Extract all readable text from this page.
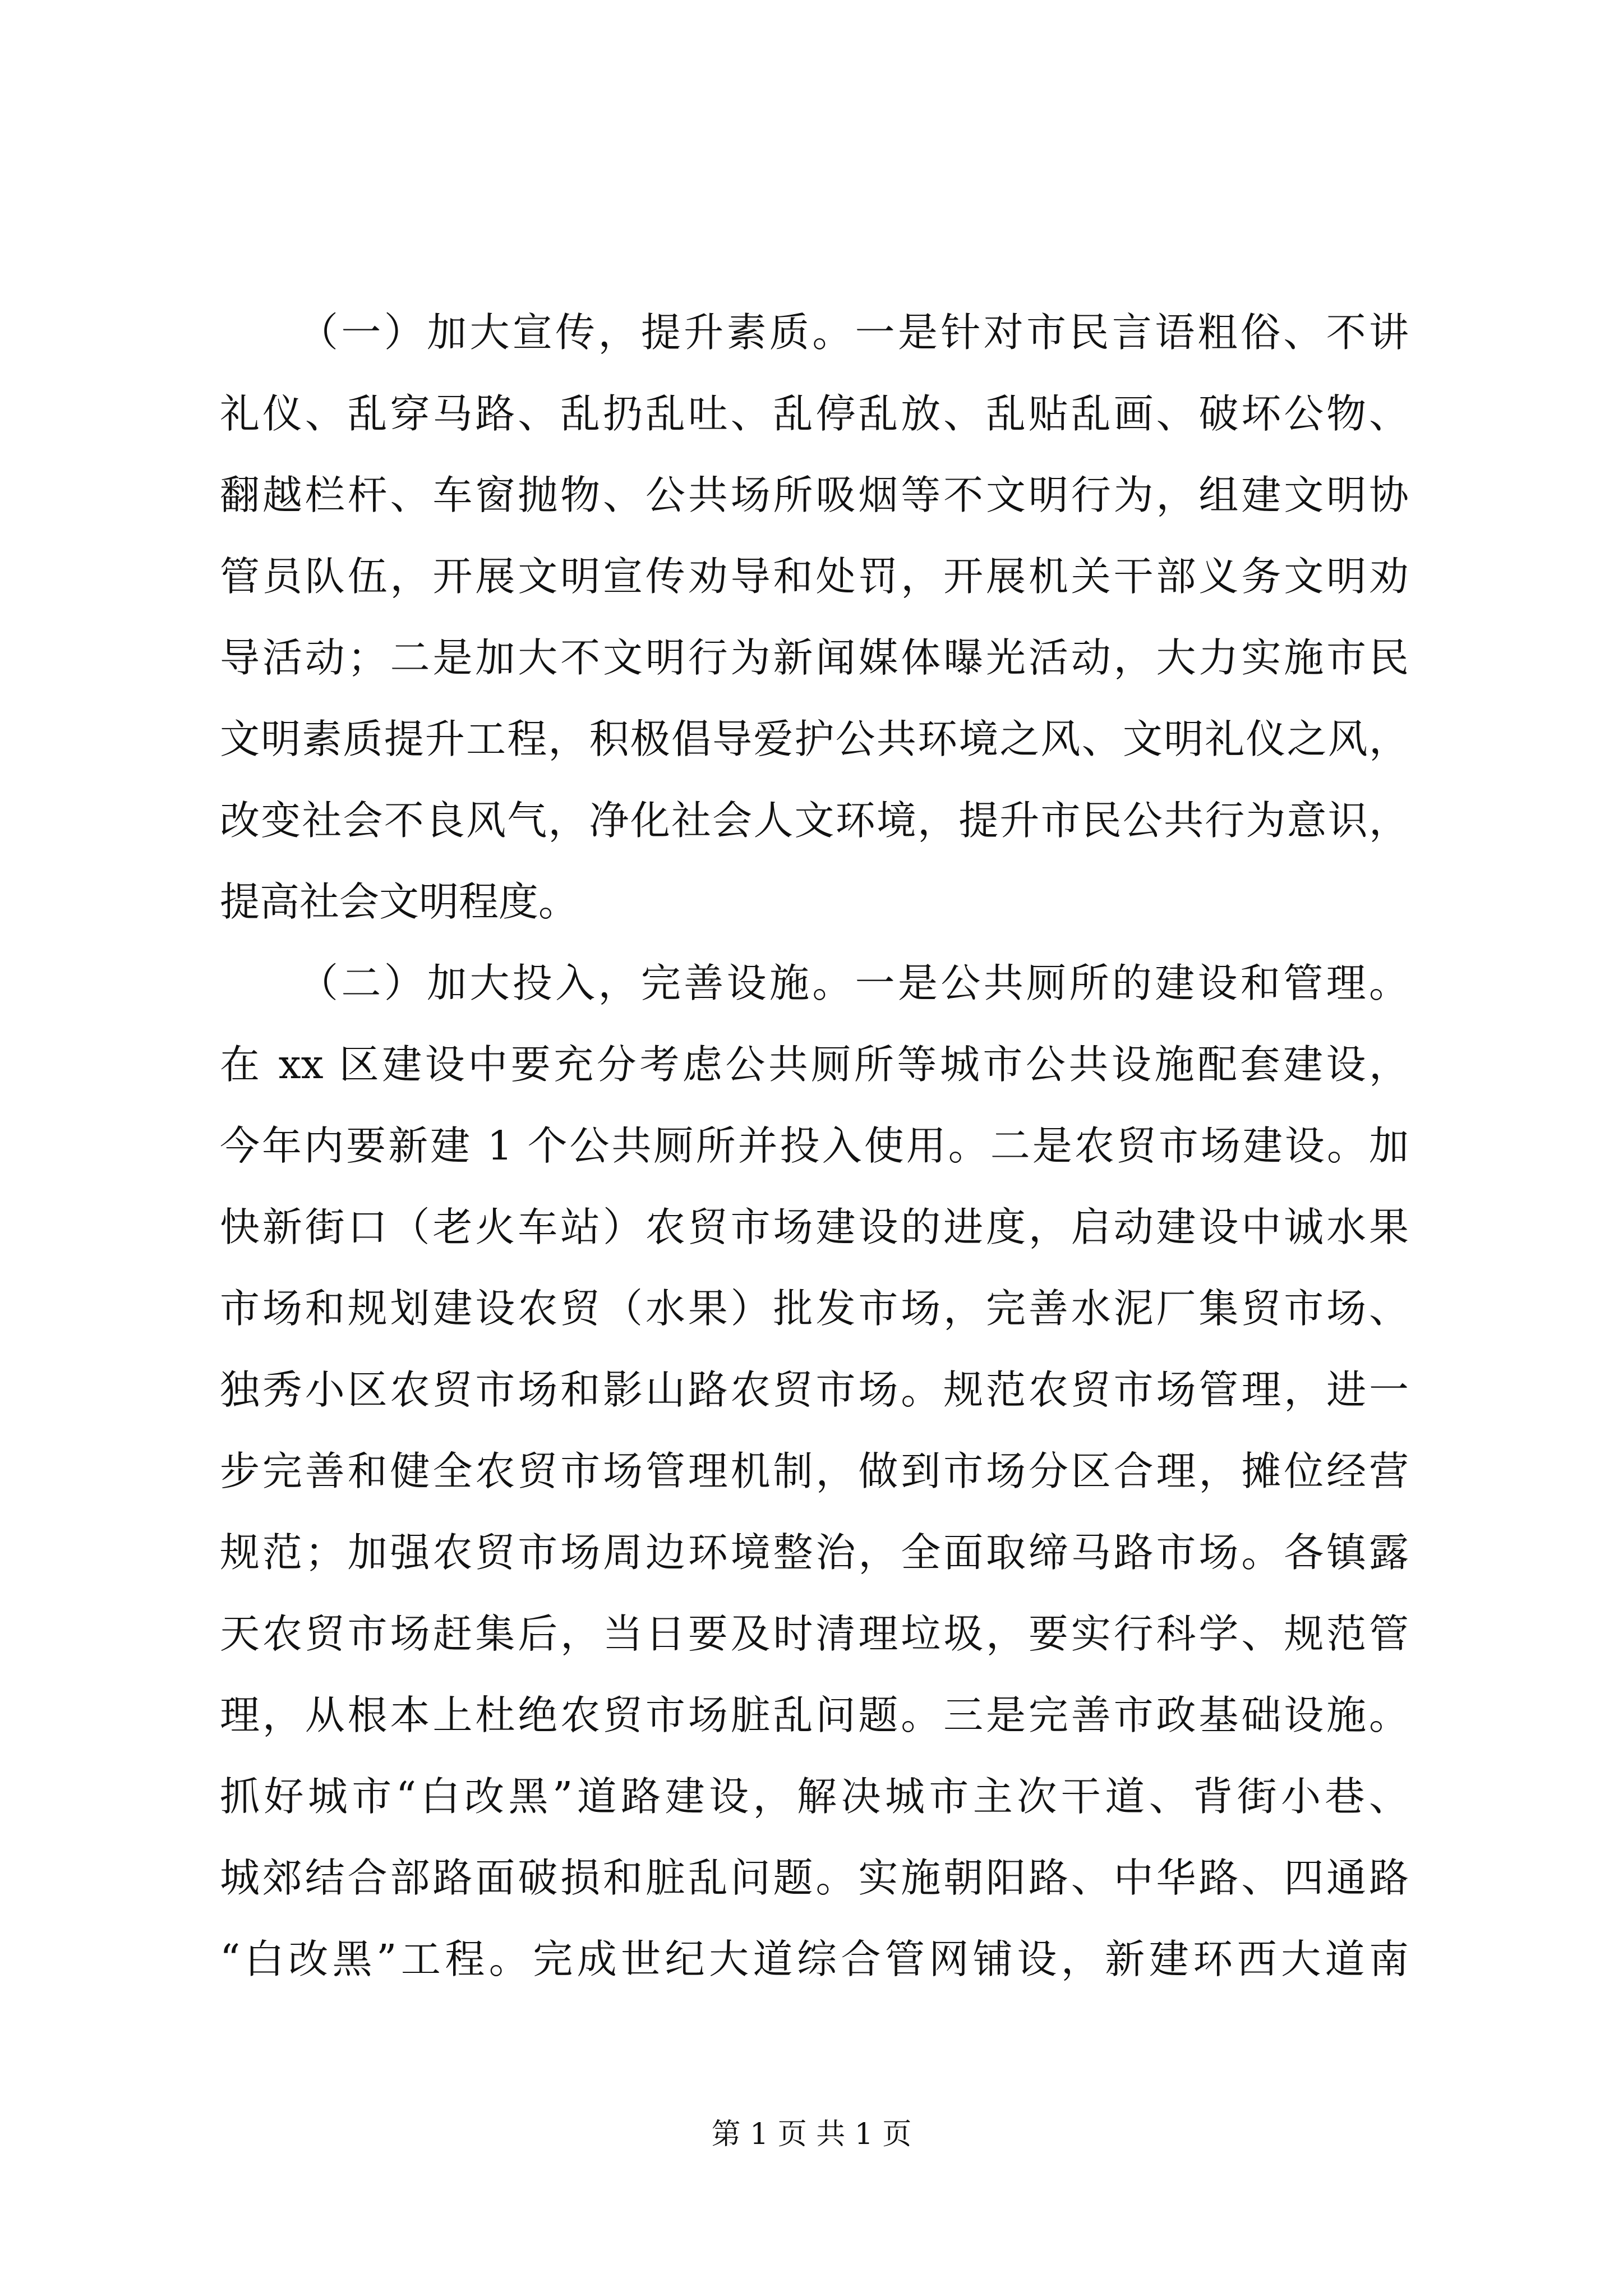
（一）加大宣传，提升素质。一是针对市民言语粗俗、不讲
礼仪、乱穿马路、乱扔乱吐、乱停乱放、乱贴乱画、破坏公物、
翻越栏杆、车窗抛物、公共场所吸烟等不文明行为，组建文明协
管员队伍，开展文明宣传劝导和处罚，开展机关干部义务文明劝
导活动；二是加大不文明行为新闻媒体曝光活动，大力实施市民
文明素质提升工程，积极倡导爱护公共环境之风、文明礼仪之风，
改变社会不良风气，净化社会人文环境，提升市民公共行为意识，
提高社会文明程度。
（二）加大投入，完善设施。一是公共厕所的建设和管理。
在 xx 区建设中要充分考虑公共厕所等城市公共设施配套建设，
今年内要新建 1 个公共厕所并投入使用。二是农贸市场建设。加
快新街口（老火车站）农贸市场建设的进度，启动建设中诚水果
市场和规划建设农贸（水果）批发市场，完善水泥厂集贸市场、
独秀小区农贸市场和影山路农贸市场。规范农贸市场管理，进一
步完善和健全农贸市场管理机制，做到市场分区合理，摊位经营
规范；加强农贸市场周边环境整治，全面取缔马路市场。各镇露
天农贸市场赶集后，当日要及时清理垃圾，要实行科学、规范管
理，从根本上杜绝农贸市场脏乱问题。三是完善市政基础设施。
抓好城市“白改黑”道路建设，解决城市主次干道、背街小巷、
城郊结合部路面破损和脏乱问题。实施朝阳路、中华路、四通路
“白改黑”工程。完成世纪大道综合管网铺设，新建环西大道南
第 1 页 共 1 页
